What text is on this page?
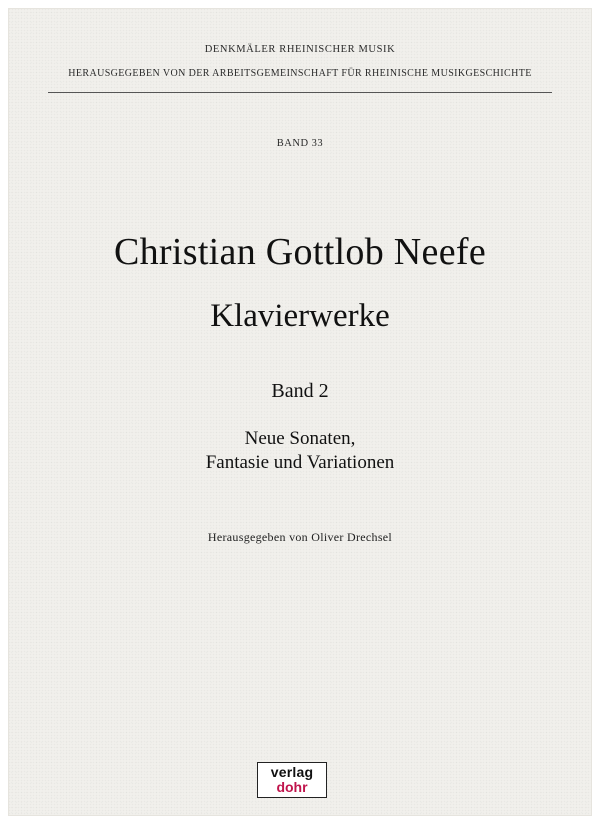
DENKMÄLER RHEINISCHER MUSIK
HERAUSGEGEBEN VON DER ARBEITSGEMEINSCHAFT FÜR RHEINISCHE MUSIKGESCHICHTE
BAND 33
Christian Gottlob Neefe
Klavierwerke
Band 2
Neue Sonaten,
Fantasie und Variationen
Herausgegeben von Oliver Drechsel
verlag
dohr
